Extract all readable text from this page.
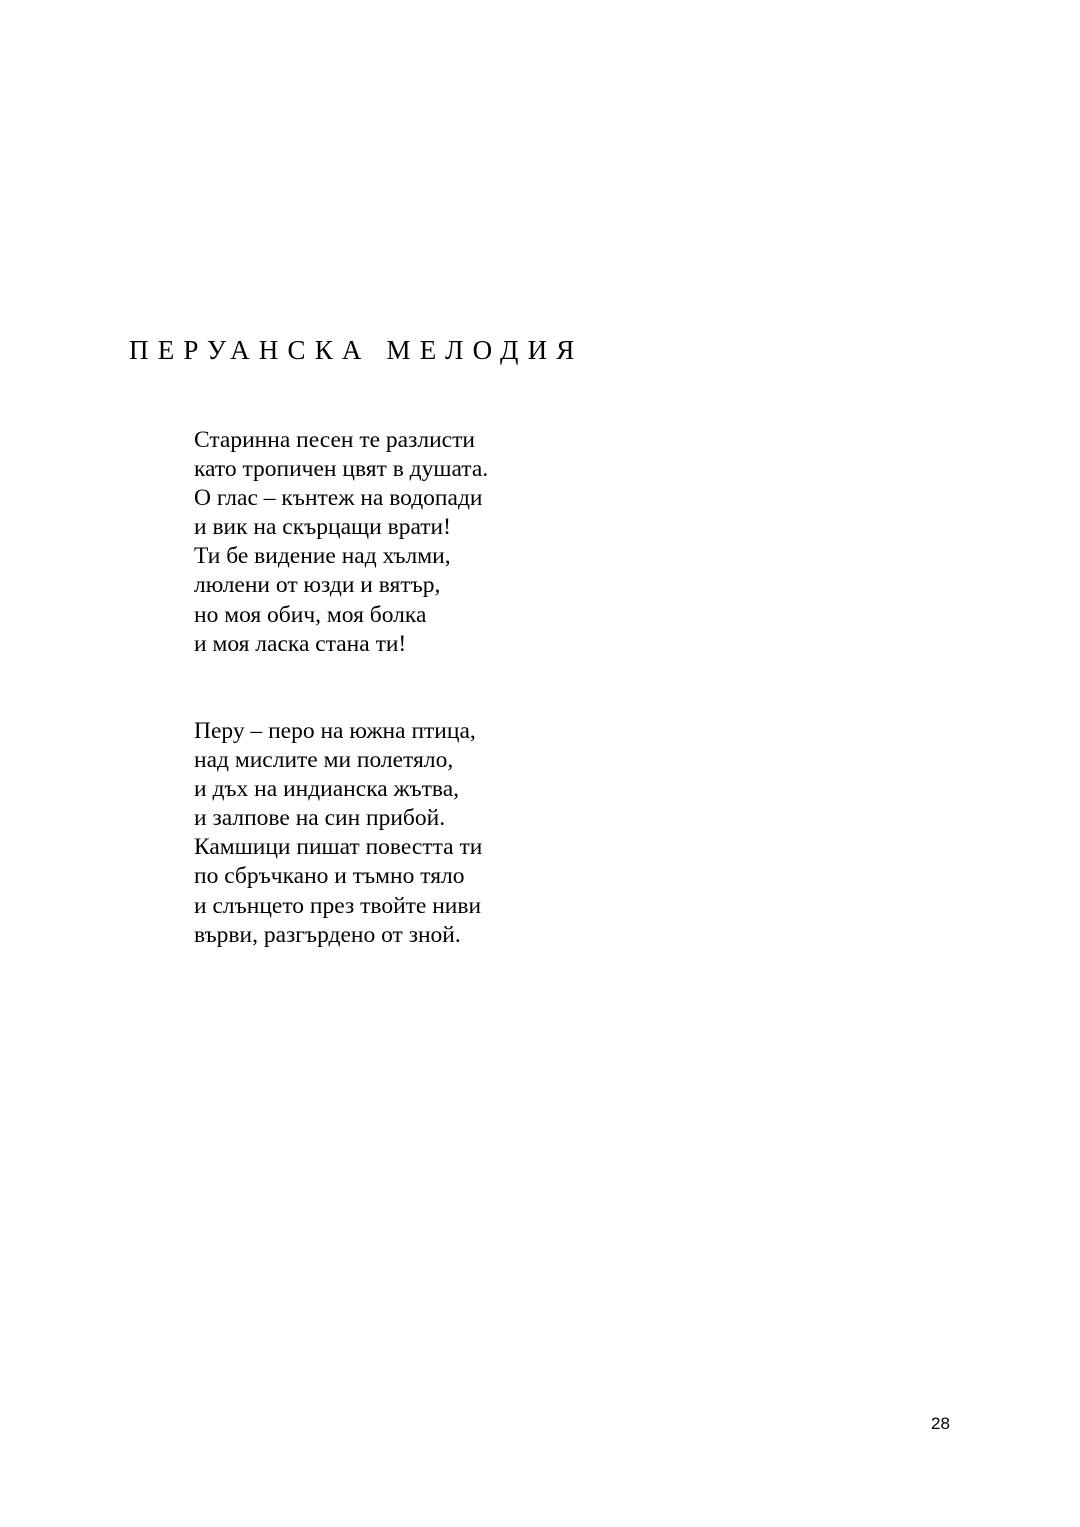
ПЕРУАНСКА МЕЛОДИЯ
Старинна песен те разлисти
като тропичен цвят в душата.
О глас – кънтеж на водопади
и вик на скърцащи врати!
Ти бе видение над хълми,
люлени от юзди и вятър,
но моя обич, моя болка
и моя ласка стана ти!
Перу – перо на южна птица,
над мислите ми полетяло,
и дъх на индианска жътва,
и залпове на син прибой.
Камшици пишат повестта ти
по сбръчкано и тъмно тяло
и слънцето през твойте ниви
върви, разгърдено от зной.
28
